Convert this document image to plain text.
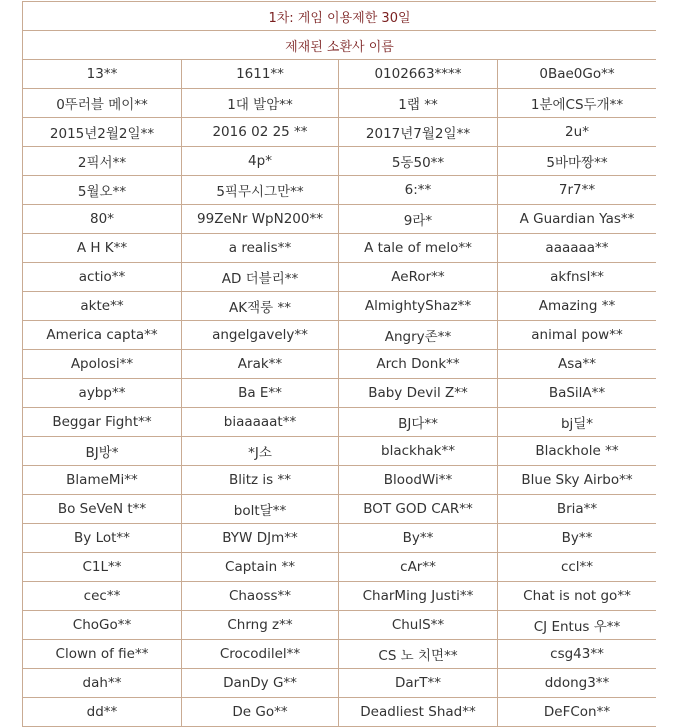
1차: 게임 이용제한 30일			
제재된 소환사 이름			
13**	1611**	0102663****	0Bae0Go**
0뚜러블 메이**	1대 발암**	1랩 **	1분에CS두개**
2015년2월2일**	2016 02 25 **	2017년7월2일**	2u*
2픽서**	4p*	5동50**	5바마짱**
5월오**	5픽무시그만**	6:**	7r7**
80*	99ZeNr WpN200**	9라*	A Guardian Yas**
A H K**	a realis**	A tale of melo**	aaaaaa**
actio**	AD 더블리**	AeRor**	akfnsl**
akte**	AK잭룽 **	AlmightyShaz**	Amazing **
America capta**	angelgavely**	Angry존**	animal pow**
Apolosi**	Arak**	Arch Donk**	Asa**
aybp**	Ba E**	Baby Devil Z**	BaSilA**
Beggar Fight**	biaaaaat**	BJ다**	bj딜*
BJ방*	*J소	blackhak**	Blackhole **
BlameMi**	Blitz is **	BloodWi**	Blue Sky Airbo**
Bo SeVeN t**	bolt달**	BOT GOD CAR**	Bria**
By Lot**	BYW DJm**	By**	By**
C1L**	Captain **	cAr**	ccl**
cec**	Chaoss**	CharMing Justi**	Chat is not go**
ChoGo**	Chrng z**	ChulS**	CJ Entus 우**
Clown of fie**	Crocodilel**	CS 노 치면**	csg43**
dah**	DanDy G**	DarT**	ddong3**
dd**	De Go**	Deadliest Shad**	DeFCon**
